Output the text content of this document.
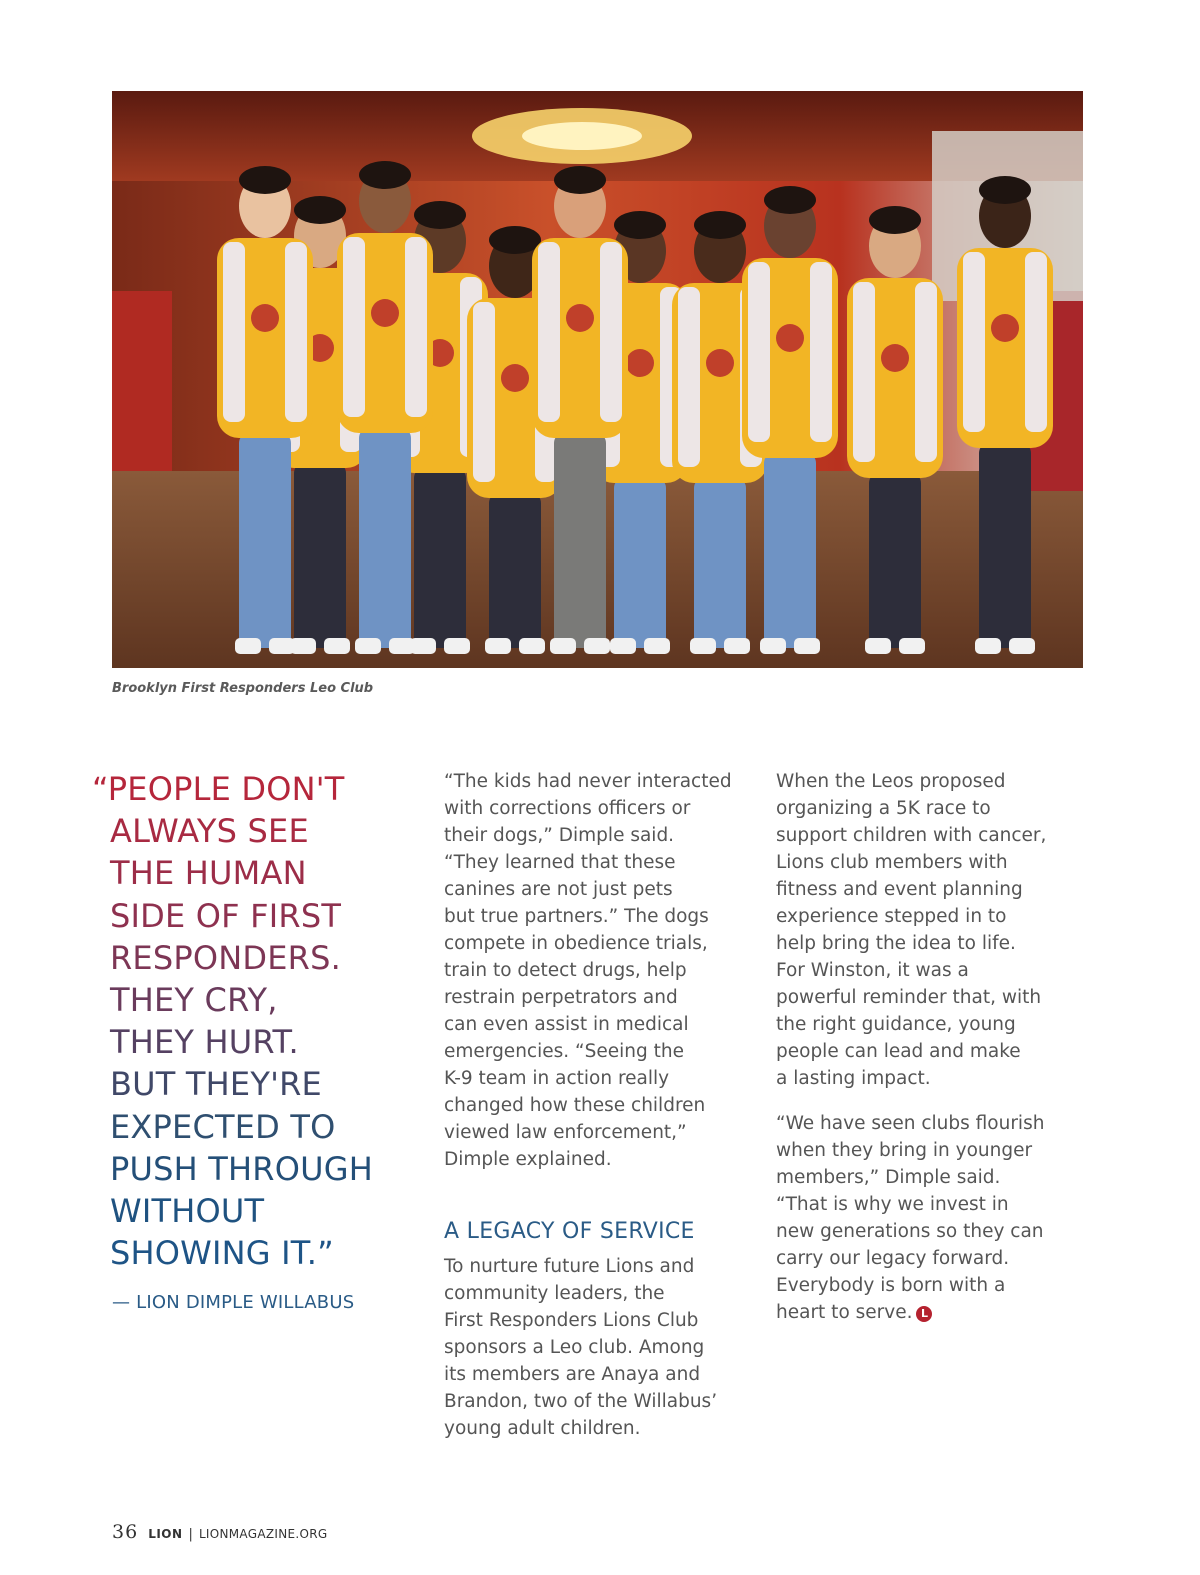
Brooklyn First Responders Leo Club
“PEOPLE DON'T
ALWAYS SEE
THE HUMAN
SIDE OF FIRST
RESPONDERS.
THEY CRY,
THEY HURT.
BUT THEY'RE
EXPECTED TO
PUSH THROUGH
WITHOUT
SHOWING IT.”
— LION DIMPLE WILLABUS

“The kids had never interacted

with corrections officers or

their dogs,” Dimple said.

“They learned that these

canines are not just pets

but true partners.” The dogs

compete in obedience trials,

train to detect drugs, help

restrain perpetrators and

can even assist in medical

emergencies. “Seeing the

K-9 team in action really

changed how these children

viewed law enforcement,”

Dimple explained.

A LEGACY OF SERVICE

To nurture future Lions and

community leaders, the

First Responders Lions Club

sponsors a Leo club. Among

its members are Anaya and

Brandon, two of the Willabus’

young adult children.

When the Leos proposed

organizing a 5K race to

support children with cancer,

Lions club members with

fitness and event planning

experience stepped in to

help bring the idea to life.

For Winston, it was a

powerful reminder that, with

the right guidance, young

people can lead and make

a lasting impact.

“We have seen clubs flourish

when they bring in younger

members,” Dimple said.

“That is why we invest in

new generations so they can

carry our legacy forward.

Everybody is born with a

heart to serve. L

36 LION | LIONMAGAZINE.ORG
